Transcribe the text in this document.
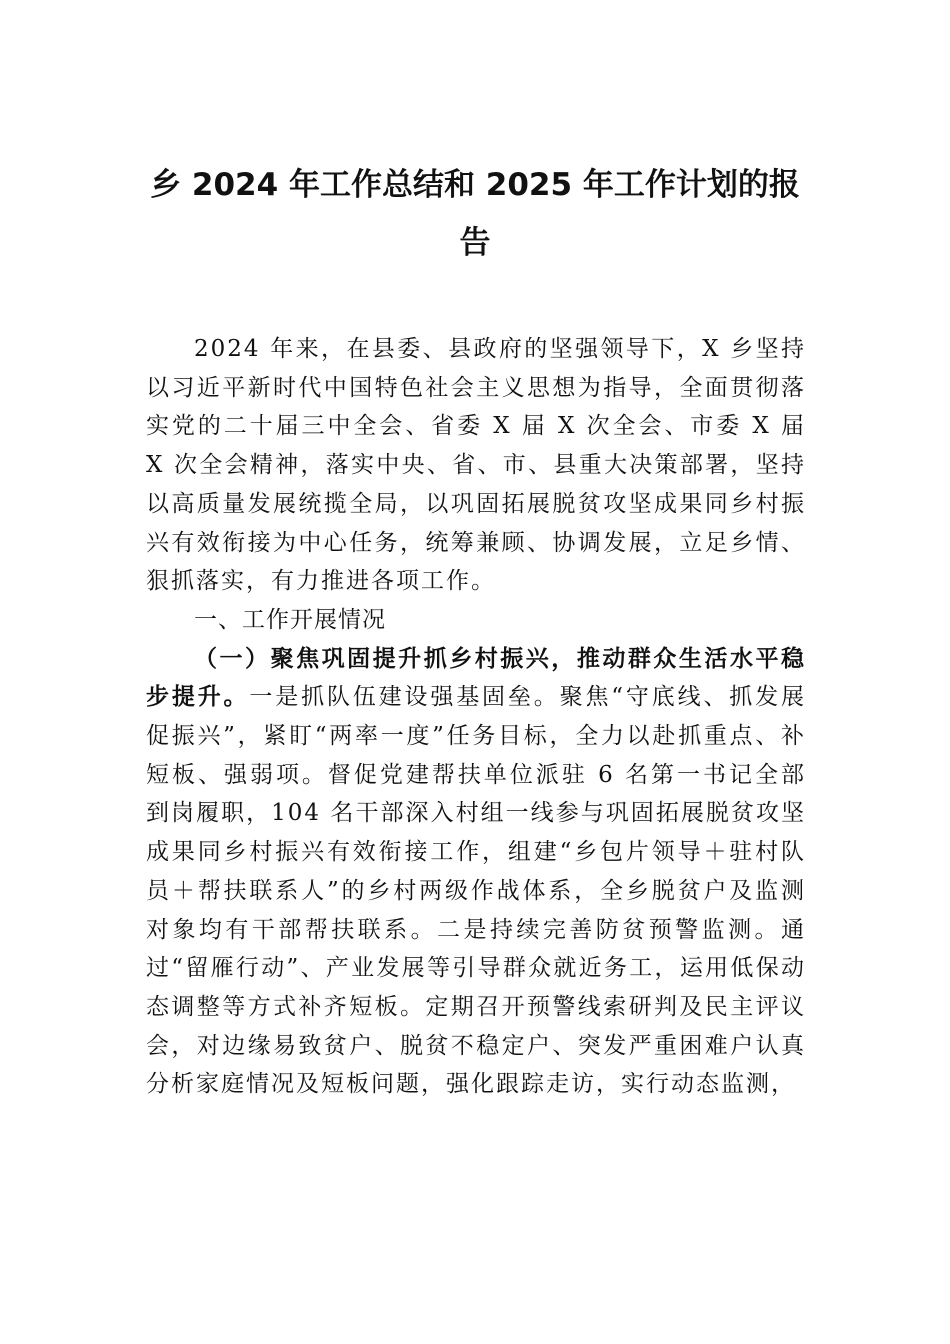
乡 2024 年工作总结和 2025 年工作计划的报
告

2024 年来，在县委、县政府的坚强领导下，X 乡坚持以习近平新时代中国特色社会主义思想为指导，全面贯彻落实党的二十届三中全会、省委 X 届 X 次全会、市委 X 届 X 次全会精神，落实中央、省、市、县重大决策部署，坚持以高质量发展统揽全局，以巩固拓展脱贫攻坚成果同乡村振兴有效衔接为中心任务，统筹兼顾、协调发展，立足乡情、狠抓落实，有力推进各项工作。

一、工作开展情况

（一）聚焦巩固提升抓乡村振兴，推动群众生活水平稳步提升。一是抓队伍建设强基固垒。聚焦“守底线、抓发展促振兴”，紧盯“两率一度”任务目标，全力以赴抓重点、补短板、强弱项。督促党建帮扶单位派驻 6 名第一书记全部到岗履职，104 名干部深入村组一线参与巩固拓展脱贫攻坚成果同乡村振兴有效衔接工作，组建“乡包片领导＋驻村队员＋帮扶联系人”的乡村两级作战体系，全乡脱贫户及监测对象均有干部帮扶联系。二是持续完善防贫预警监测。通过“留雁行动”、产业发展等引导群众就近务工，运用低保动态调整等方式补齐短板。定期召开预警线索研判及民主评议会，对边缘易致贫户、脱贫不稳定户、突发严重困难户认真分析家庭情况及短板问题，强化跟踪走访，实行动态监测，
